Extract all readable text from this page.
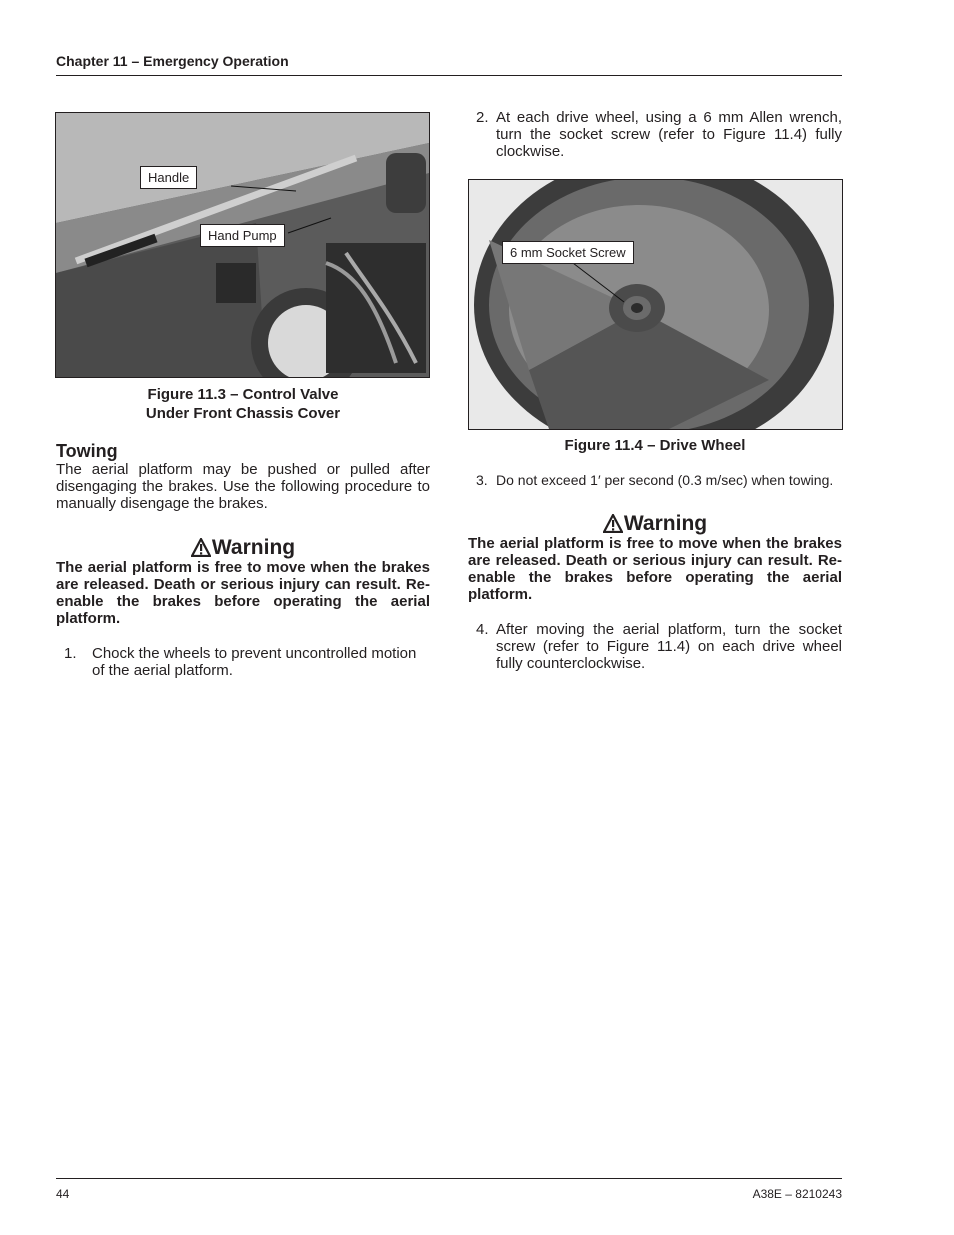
Chapter 11 – Emergency Operation
Handle
Hand Pump
Figure 11.3 – Control Valve
Under Front Chassis Cover
Towing
The aerial platform may be pushed or pulled after disengaging the brakes. Use the following procedure to manually disengage the brakes.
Warning
The aerial platform is free to move when the brakes are released. Death or serious injury can result. Re-enable the brakes before operating the aerial platform.
1. Chock the wheels to prevent uncontrolled motion of the aerial platform.
2. At each drive wheel, using a 6 mm Allen wrench, turn the socket screw (refer to Figure 11.4) fully clockwise.
6 mm Socket Screw
Figure 11.4 – Drive Wheel
3. Do not exceed 1′ per second (0.3 m/sec) when towing.
Warning
The aerial platform is free to move when the brakes are released. Death or serious injury can result. Re-enable the brakes before operating the aerial platform.
4. After moving the aerial platform, turn the socket screw (refer to Figure 11.4) on each drive wheel fully counterclockwise.
44	A38E – 8210243
